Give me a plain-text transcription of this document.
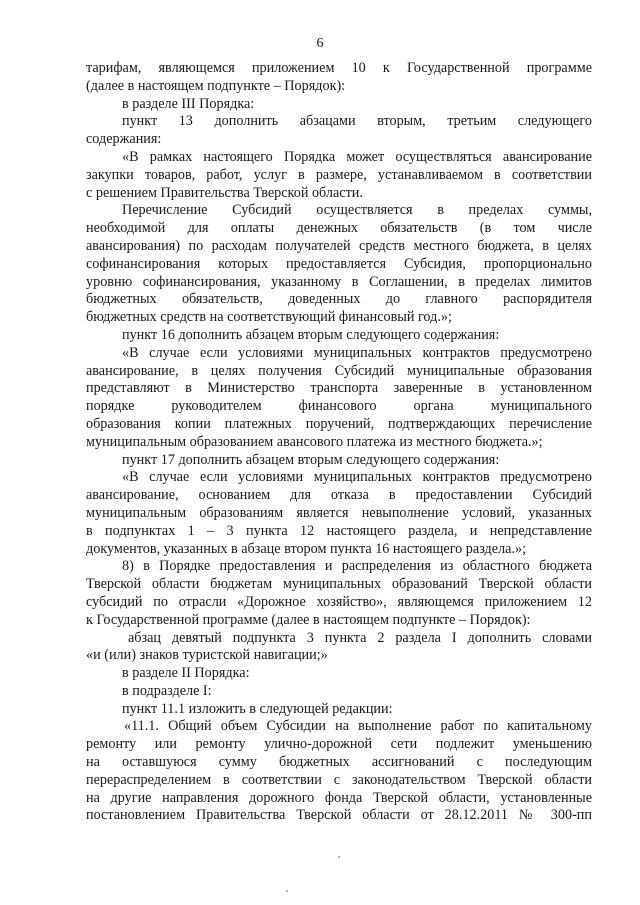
6
тарифам, являющемся приложением 10 к Государственной программе
(далее в настоящем подпункте – Порядок):
в разделе III Порядка:
пункт 13 дополнить абзацами вторым, третьим следующего
содержания:
«В рамках настоящего Порядка может осуществляться авансирование
закупки товаров, работ, услуг в размере, устанавливаемом в соответствии
с решением Правительства Тверской области.
Перечисление Субсидий осуществляется в пределах суммы,
необходимой для оплаты денежных обязательств (в том числе
авансирования) по расходам получателей средств местного бюджета, в целях
софинансирования которых предоставляется Субсидия, пропорционально
уровню софинансирования, указанному в Соглашении, в пределах лимитов
бюджетных обязательств, доведенных до главного распорядителя
бюджетных средств на соответствующий финансовый год.»;
пункт 16 дополнить абзацем вторым следующего содержания:
«В случае если условиями муниципальных контрактов предусмотрено
авансирование, в целях получения Субсидий муниципальные образования
представляют в Министерство транспорта заверенные в установленном
порядке руководителем финансового органа муниципального
образования копии платежных поручений, подтверждающих перечисление
муниципальным образованием авансового платежа из местного бюджета.»;
пункт 17 дополнить абзацем вторым следующего содержания:
«В случае если условиями муниципальных контрактов предусмотрено
авансирование, основанием для отказа в предоставлении Субсидий
муниципальным образованиям является невыполнение условий, указанных
в подпунктах 1 – 3 пункта 12 настоящего раздела, и непредставление
документов, указанных в абзаце втором пункта 16 настоящего раздела.»;
8) в Порядке предоставления и распределения из областного бюджета
Тверской области бюджетам муниципальных образований Тверской области
субсидий по отрасли «Дорожное хозяйство», являющемся приложением 12
к Государственной программе (далее в настоящем подпункте – Порядок):
абзац девятый подпункта 3 пункта 2 раздела I дополнить словами
«и (или) знаков туристской навигации;»
в разделе II Порядка:
в подразделе I:
пункт 11.1 изложить в следующей редакции:
«11.1. Общий объем Субсидии на выполнение работ по капитальному
ремонту или ремонту улично-дорожной сети подлежит уменьшению
на оставшуюся сумму бюджетных ассигнований с последующим
перераспределением в соответствии с законодательством Тверской области
на другие направления дорожного фонда Тверской области, установленные
постановлением Правительства Тверской области от 28.12.2011 № 300-пп
